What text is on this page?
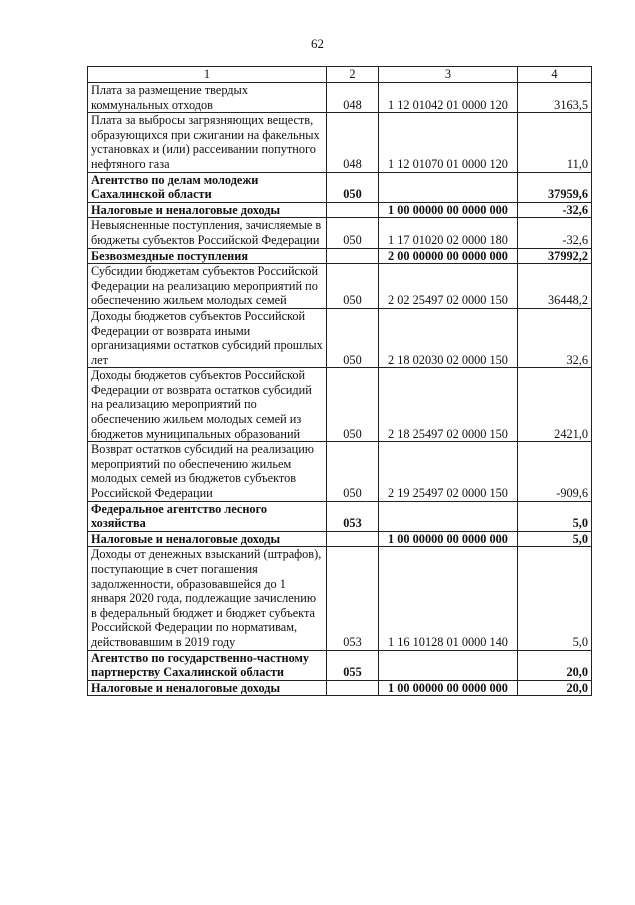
62
1	2	3	4
Плата за размещение твердых коммунальных отходов	048	1 12 01042 01 0000 120	3163,5
Плата за выбросы загрязняющих веществ, образующихся при сжигании на факельных установках и (или) рассеивании попутного нефтяного газа	048	1 12 01070 01 0000 120	11,0
Агентство по делам молодежи Сахалинской области	050		37959,6
Налоговые и неналоговые доходы		1 00 00000 00 0000 000	-32,6
Невыясненные поступления, зачисляемые в бюджеты субъектов Российской Федерации	050	1 17 01020 02 0000 180	-32,6
Безвозмездные поступления		2 00 00000 00 0000 000	37992,2
Субсидии бюджетам субъектов Российской Федерации на реализацию мероприятий по обеспечению жильем молодых семей	050	2 02 25497 02 0000 150	36448,2
Доходы бюджетов субъектов Российской Федерации от возврата иными организациями остатков субсидий прошлых лет	050	2 18 02030 02 0000 150	32,6
Доходы бюджетов субъектов Российской Федерации от возврата остатков субсидий на реализацию мероприятий по обеспечению жильем молодых семей из бюджетов муниципальных образований	050	2 18 25497 02 0000 150	2421,0
Возврат остатков субсидий на реализацию мероприятий по обеспечению жильем молодых семей из бюджетов субъектов Российской Федерации	050	2 19 25497 02 0000 150	-909,6
Федеральное агентство лесного хозяйства	053		5,0
Налоговые и неналоговые доходы		1 00 00000 00 0000 000	5,0
Доходы от денежных взысканий (штрафов), поступающие в счет погашения задолженности, образовавшейся до 1 января 2020 года, подлежащие зачислению в федеральный бюджет и бюджет субъекта Российской Федерации по нормативам, действовавшим в 2019 году	053	1 16 10128 01 0000 140	5,0
Агентство по государственно-частному партнерству Сахалинской области	055		20,0
Налоговые и неналоговые доходы		1 00 00000 00 0000 000	20,0
